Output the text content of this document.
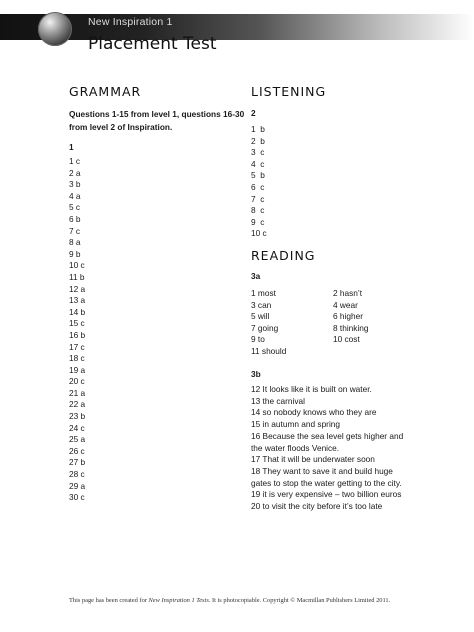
New Inspiration 1
Placement Test
GRAMMAR
Questions 1-15 from level 1, questions 16-30 from level 2 of Inspiration.
1
1 c
2 a
3 b
4 a
5 c
6 b
7 c
8 a
9 b
10 c
11 b
12 a
13 a
14 b
15 c
16 b
17 c
18 c
19 a
20 c
21 a
22 a
23 b
24 c
25 a
26 c
27 b
28 c
29 a
30 c
LISTENING
2
1  b
2  b
3  c
4  c
5  b
6  c
7  c
8  c
9  c
10 c
READING
3a
1 most	2 hasn’t
3 can	4 wear
5 will	6 higher
7 going	8 thinking
9 to	10 cost
11 should
3b
12 It looks like it is built on water.
13 the carnival
14 so nobody knows who they are
15 in autumn and spring
16 Because the sea level gets higher and the water floods Venice.
17 That it will be underwater soon
18 They want to save it and build huge gates to stop the water getting to the city.
19 it is very expensive – two billion euros
20 to visit the city before it’s too late
This page has been created for New Inspiration 1 Tests. It is photocopiable. Copyright © Macmillan Publishers Limited 2011.
